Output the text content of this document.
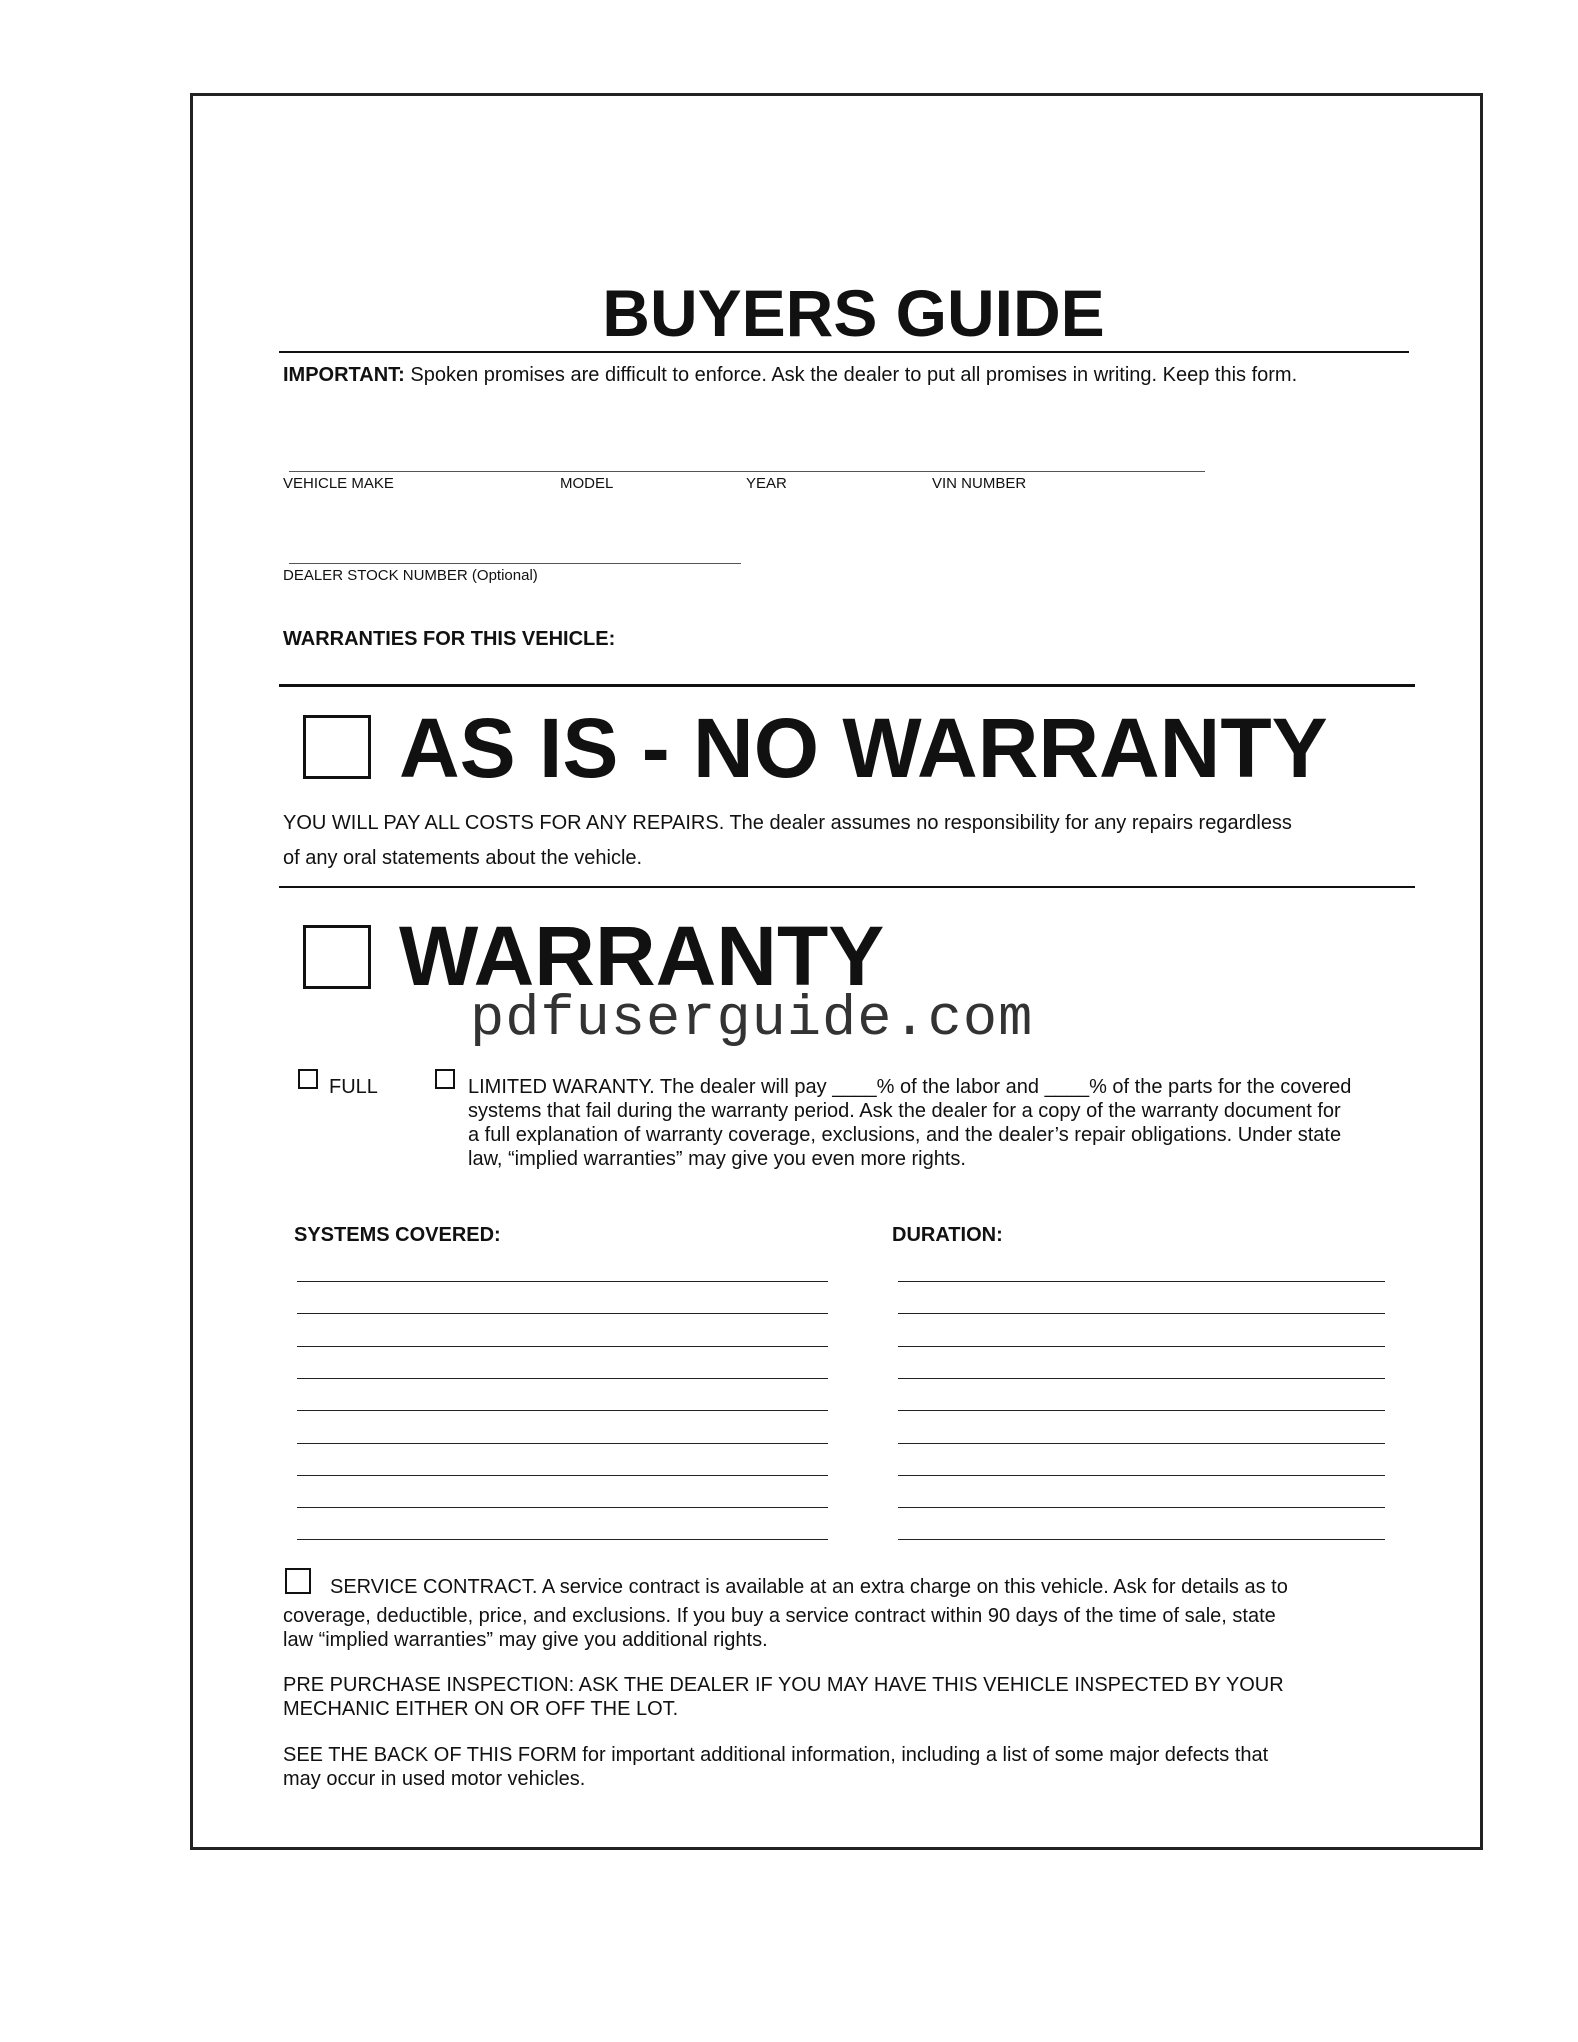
BUYERS GUIDE
IMPORTANT: Spoken promises are difficult to enforce. Ask the dealer to put all promises in writing. Keep this form.
VEHICLE MAKE	MODEL	YEAR	VIN NUMBER
DEALER STOCK NUMBER (Optional)
WARRANTIES FOR THIS VEHICLE:
AS IS - NO WARRANTY
YOU WILL PAY ALL COSTS FOR ANY REPAIRS. The dealer assumes no responsibility for any repairs regardless
of any oral statements about the vehicle.
WARRANTY
pdfuserguide.com
FULL	LIMITED WARANTY. The dealer will pay ____% of the labor and ____% of the parts for the covered
systems that fail during the warranty period. Ask the dealer for a copy of the warranty document for
a full explanation of warranty coverage, exclusions, and the dealer’s repair obligations. Under state
law, “implied warranties” may give you even more rights.
SYSTEMS COVERED:	DURATION:
SERVICE CONTRACT. A service contract is available at an extra charge on this vehicle. Ask for details as to
coverage, deductible, price, and exclusions. If you buy a service contract within 90 days of the time of sale, state
law “implied warranties” may give you additional rights.
PRE PURCHASE INSPECTION: ASK THE DEALER IF YOU MAY HAVE THIS VEHICLE INSPECTED BY YOUR
MECHANIC EITHER ON OR OFF THE LOT.
SEE THE BACK OF THIS FORM for important additional information, including a list of some major defects that
may occur in used motor vehicles.
